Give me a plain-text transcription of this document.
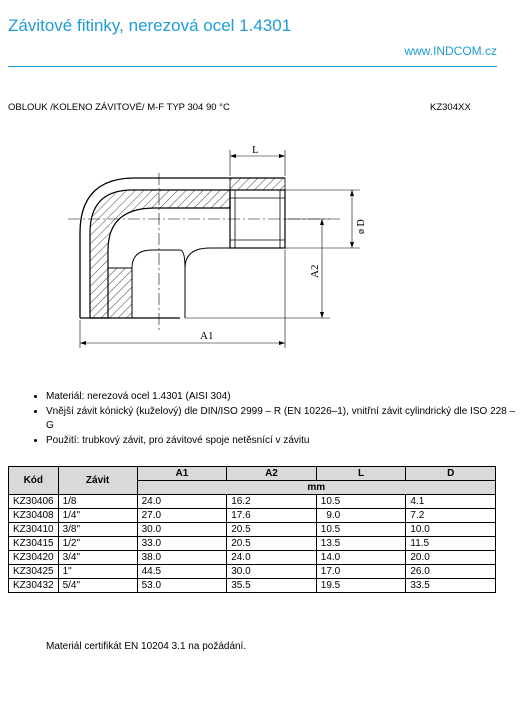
Závitové fitinky, nerezová ocel 1.4301
www.INDCOM.cz
OBLOUK /KOLENO ZÁVITOVÉ/ M-F TYP 304 90 °C	KZ304XX
L
ø D
A2
A1
• Materiál: nerezová ocel 1.4301 (AISI 304)
• Vnější závit kónický (kuželový) dle DIN/ISO 2999 – R (EN 10226–1), vnitřní závit cylindrický dle ISO 228 – G
• Použití: trubkový závit, pro závitové spoje netěsnící v závitu
Kód	Závit	A1	A2	L	D
		mm			
KZ30406	1/8	24.0	16.2	10.5	4.1
KZ30408	1/4"	27.0	17.6	9.0	7.2
KZ30410	3/8"	30.0	20.5	10.5	10.0
KZ30415	1/2"	33.0	20.5	13.5	11.5
KZ30420	3/4"	38.0	24.0	14.0	20.0
KZ30425	1"	44.5	30.0	17.0	26.0
KZ30432	5/4"	53.0	35.5	19.5	33.5
Materiál certifikát EN 10204 3.1 na požádání.
